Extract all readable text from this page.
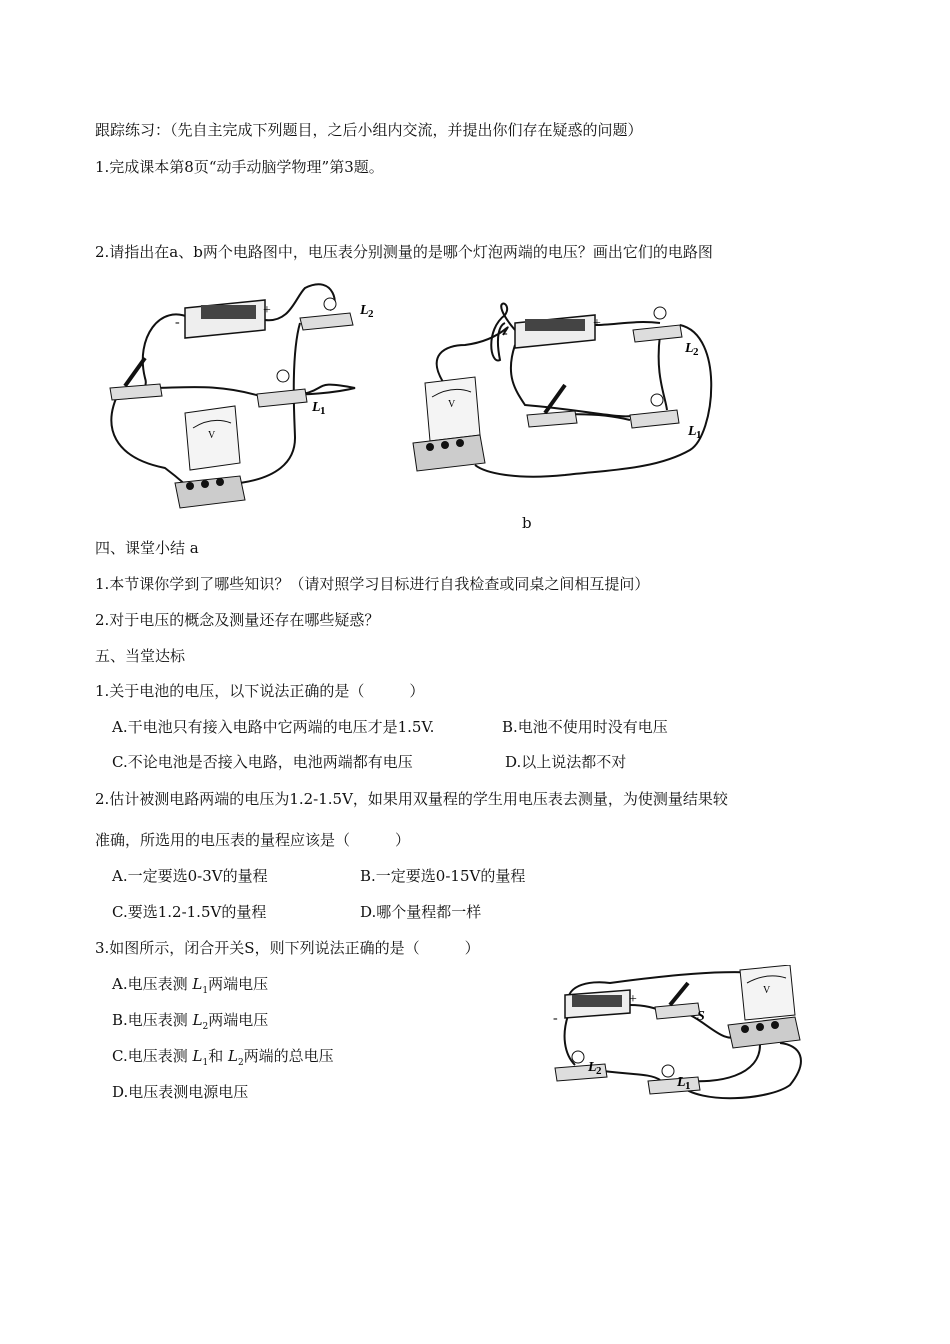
跟踪练习：（先自主完成下列题目，之后小组内交流，并提出你们存在疑惑的问题）
1.完成课本第8页“动手动脑学物理”第3题。
2.请指出在a、b两个电路图中，电压表分别测量的是哪个灯泡两端的电压？画出它们的电路图
-
+	L 2
L 1
V
-
+
L 2
L 1
V
b
四、课堂小结 a
1.本节课你学到了哪些知识？（请对照学习目标进行自我检查或同桌之间相互提问）
2.对于电压的概念及测量还存在哪些疑惑？
五、当堂达标
1.关于电池的电压，以下说法正确的是（　　　）
A.干电池只有接入电路中它两端的电压才是1.5V.	B.电池不使用时没有电压
C.不论电池是否接入电路，电池两端都有电压	D.以上说法都不对
2.估计被测电路两端的电压为1.2-1.5V，如果用双量程的学生用电压表去测量，为使测量结果较
准确，所选用的电压表的量程应该是（　　　）
A.一定要选0-3V的量程	B.一定要选0-15V的量程
C.要选1.2-1.5V的量程	D.哪个量程都一样
3.如图所示，闭合开关S，则下列说法正确的是（　　　）
A.电压表测 $L_1$两端电压
B.电压表测 $L_2$两端电压
C.电压表测 $L_1$和 $L_2$两端的总电压
D.电压表测电源电压
-
+
S
L 2
L 1
V
